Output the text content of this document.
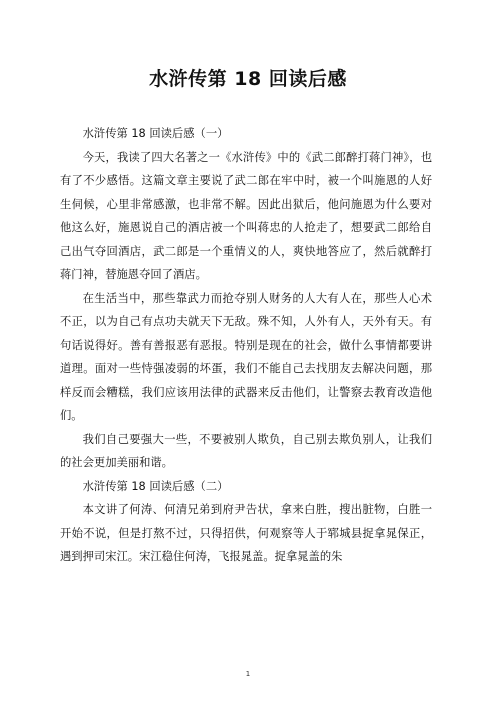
水浒传第 18 回读后感

水浒传第 18 回读后感（一）

今天，我读了四大名著之一《水浒传》中的《武二郎醉打蒋门神》，也有了不少感悟。这篇文章主要说了武二郎在牢中时，被一个叫施恩的人好生伺候，心里非常感激，也非常不解。因此出狱后，他问施恩为什么要对他这么好，施恩说自己的酒店被一个叫蒋忠的人抢走了，想要武二郎给自己出气夺回酒店，武二郎是一个重情义的人，爽快地答应了，然后就醉打蒋门神，替施恩夺回了酒店。

在生活当中，那些靠武力而抢夺别人财务的人大有人在，那些人心术不正，以为自己有点功夫就天下无敌。殊不知，人外有人，天外有天。有句话说得好。善有善报恶有恶报。特别是现在的社会，做什么事情都要讲道理。面对一些恃强凌弱的坏蛋，我们不能自己去找朋友去解决问题，那样反而会糟糕，我们应该用法律的武器来反击他们，让警察去教育改造他们。

我们自己要强大一些，不要被别人欺负，自己别去欺负别人，让我们的社会更加美丽和谐。

水浒传第 18 回读后感（二）

本文讲了何涛、何清兄弟到府尹告状，拿来白胜，搜出脏物，白胜一开始不说，但是打熬不过，只得招供，何观察等人于郓城县捉拿晁保正，遇到押司宋江。宋江稳住何涛，飞报晁盖。捉拿晁盖的朱

1
